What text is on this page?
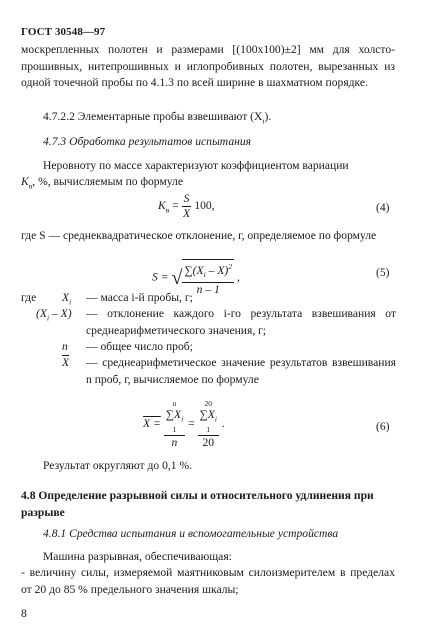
ГОСТ 30548—97
москрепленных полотен и размерами [(100х100)±2] мм для холсто-прошивных, нитепрошивных и иглопробивных полотен, вырезанных из одной точечной пробы по 4.1.3 по всей ширине в шахматном порядке.
4.7.2.2 Элементарные пробы взвешивают $(X_i)$.
4.7.3 Обработка результатов испытания
Неровноту по массе характеризуют коэффициентом вариации
$K_в$, %, вычисляемым по формуле
$K_в = \frac{S}{X} 100$,	(4)
где S — среднеквадратическое отклонение, г, определяемое по формуле
S = √ $\frac{\sum(X_i - X)^2}{n - 1}$ ,	(5)
где $X_i$ — масса i-й пробы, г;
$(X_i - X)$ — отклонение каждого i-го результата взвешивания от среднеарифметического значения, г;
n — общее число проб;
$\overline{X}$ — среднеарифметическое значение результатов взвешивания n проб, г, вычисляемое по формуле
X = n
$\sum X_i$
1
n = 20
$\sum X_i$
1
20 .	(6)
Результат округляют до 0,1 %.
4.8 Определение разрывной силы и относительного удлинения при разрыве
4.8.1 Средства испытания и вспомогательные устройства
Машина разрывная, обеспечивающая:
- величину силы, измеряемой маятниковым силоизмерителем в пределах от 20 до 85 % предельного значения шкалы;
8
